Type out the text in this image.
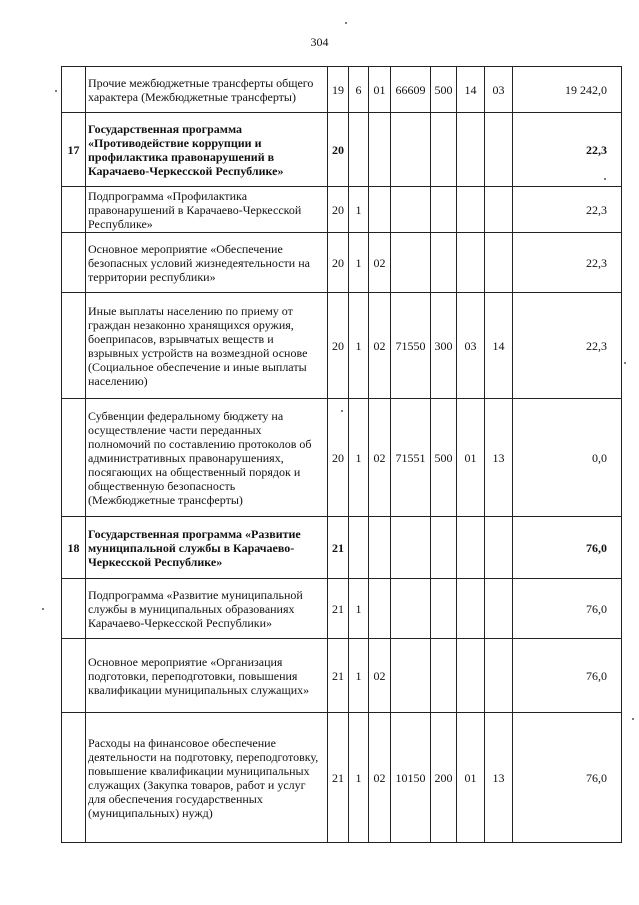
304
	Прочие межбюджетные трансферты общего характера (Межбюджетные трансферты)	19	6	01	66609	500	14	03	19 242,0
17	Государственная программа «Противодействие коррупции и профилактика правонарушений в Карачаево-Черкесской Республике»	20							22,3
	Подпрограмма «Профилактика правонарушений в Карачаево-Черкесской Республике»	20	1						22,3
	Основное мероприятие «Обеспечение безопасных условий жизнедеятельности на территории республики»	20	1	02					22,3
	Иные выплаты населению по приему от граждан незаконно хранящихся оружия, боеприпасов, взрывчатых веществ и взрывных устройств на возмездной основе (Социальное обеспечение и иные выплаты населению)	20	1	02	71550	300	03	14	22,3
	Субвенции федеральному бюджету на осуществление части переданных полномочий по составлению протоколов об административных правонарушениях, посягающих на общественный порядок и общественную безопасность (Межбюджетные трансферты)	20	1	02	71551	500	01	13	0,0
18	Государственная программа «Развитие муниципальной службы в Карачаево-Черкесской Республике»	21							76,0
	Подпрограмма «Развитие муниципальной службы в муниципальных образованиях Карачаево-Черкесской Республики»	21	1						76,0
	Основное мероприятие «Организация подготовки, переподготовки, повышения квалификации муниципальных служащих»	21	1	02					76,0
	Расходы на финансовое обеспечение деятельности на подготовку, переподготовку, повышение квалификации муниципальных служащих (Закупка товаров, работ и услуг для обеспечения государственных (муниципальных) нужд)	21	1	02	10150	200	01	13	76,0
